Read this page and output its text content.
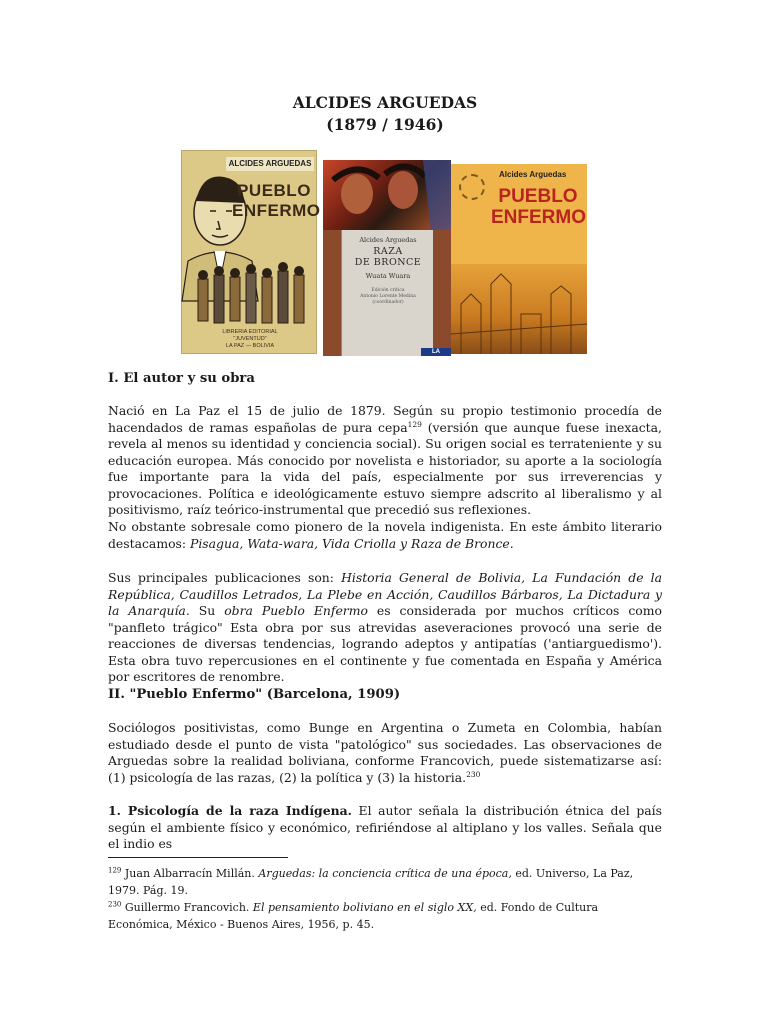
ALCIDES ARGUEDAS
(1879 / 1946)
ALCIDES ARGUEDAS
PUEBLO
ENFERMO
LIBRERIA EDITORIAL
"JUVENTUD"
LA PAZ — BOLIVIA
Alcides Arguedas
RAZA
DE BRONCE
Wuata Wuara
Edición crítica
Antonio Lorente Medina
(coordinador)
LA PATRIA
Alcides Arguedas
PUEBLO
ENFERMO
I. El autor y su obra
Nació en La Paz el 15 de julio de 1879. Según su propio testimonio procedía de hacendados de ramas españolas de pura cepa$^{129}$ (versión que aunque fuese inexacta, revela al menos su identidad y conciencia social). Su origen social es terrateniente y su educación europea. Más conocido por novelista e historiador, su aporte a la sociología fue importante para la vida del país, especialmente por sus irreverencias y provocaciones. Política e ideológicamente estuvo siempre adscrito al liberalismo y al positivismo, raíz teórico-instrumental que precedió sus reflexiones.
No obstante sobresale como pionero de la novela indigenista. En este ámbito literario destacamos: Pisagua, Wata-wara, Vida Criolla y Raza de Bronce.
Sus principales publicaciones son: Historia General de Bolivia, La Fundación de la República, Caudillos Letrados, La Plebe en Acción, Caudillos Bárbaros, La Dictadura y la Anarquía. Su obra Pueblo Enfermo es considerada por muchos críticos como "panfleto trágico" Esta obra por sus atrevidas aseveraciones provocó una serie de reacciones de diversas tendencias, logrando adeptos y antipatías ('antiarguedismo'). Esta obra tuvo repercusiones en el continente y fue comentada en España y América por escritores de renombre.
II. "Pueblo Enfermo" (Barcelona, 1909)
Sociólogos positivistas, como Bunge en Argentina o Zumeta en Colombia, habían estudiado desde el punto de vista "patológico" sus sociedades. Las observaciones de Arguedas sobre la realidad boliviana, conforme Francovich, puede sistematizarse así: (1) psicología de las razas, (2) la política y (3) la historia.$^{230}$
1. Psicología de la raza Indígena. El autor señala la distribución étnica del país según el ambiente físico y económico, refiriéndose al altiplano y los valles. Señala que el indio es
$^{129}$ Juan Albarracín Millán. Arguedas: la conciencia crítica de una época, ed. Universo, La Paz, 1979. Pág. 19.
$^{230}$ Guillermo Francovich. El pensamiento boliviano en el siglo XX, ed. Fondo de Cultura Económica, México - Buenos Aires, 1956, p. 45.
